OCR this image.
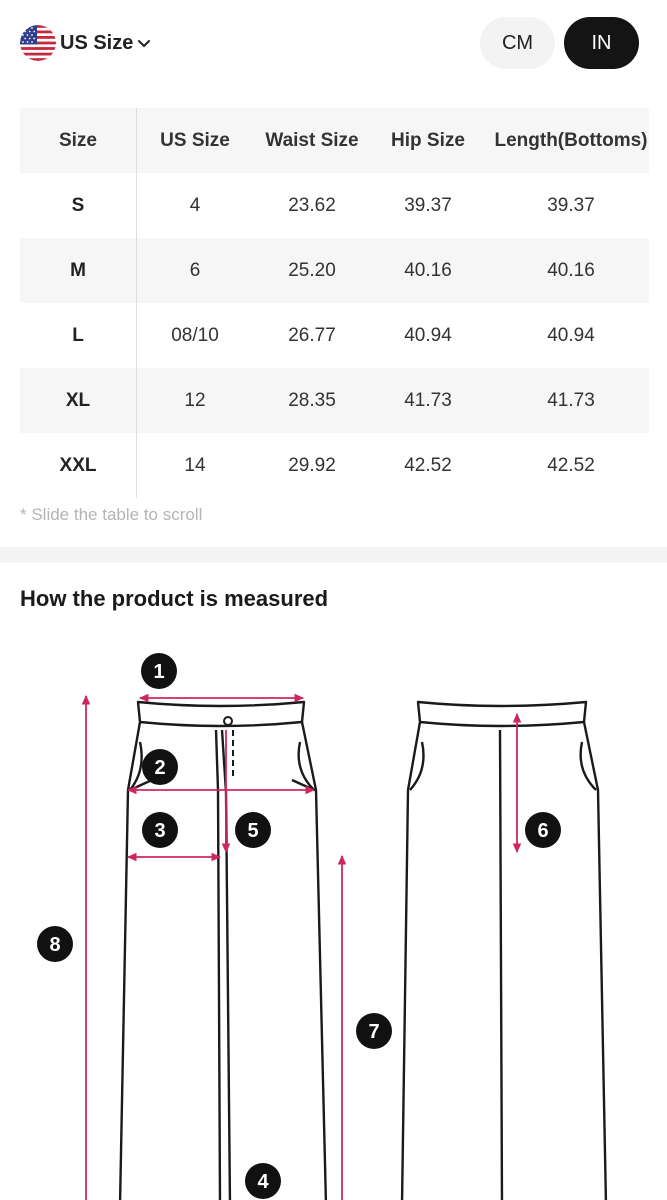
US Size	CM	IN
Size	US Size	Waist Size	Hip Size	Length(Bottoms)
S	4	23.62	39.37	39.37
M	6	25.20	40.16	40.16
L	08/10	26.77	40.94	40.94
XL	12	28.35	41.73	41.73
XXL	14	29.92	42.52	42.52
* Slide the table to scroll
How the product is measured
1
2
3
4
5	6
7
8
